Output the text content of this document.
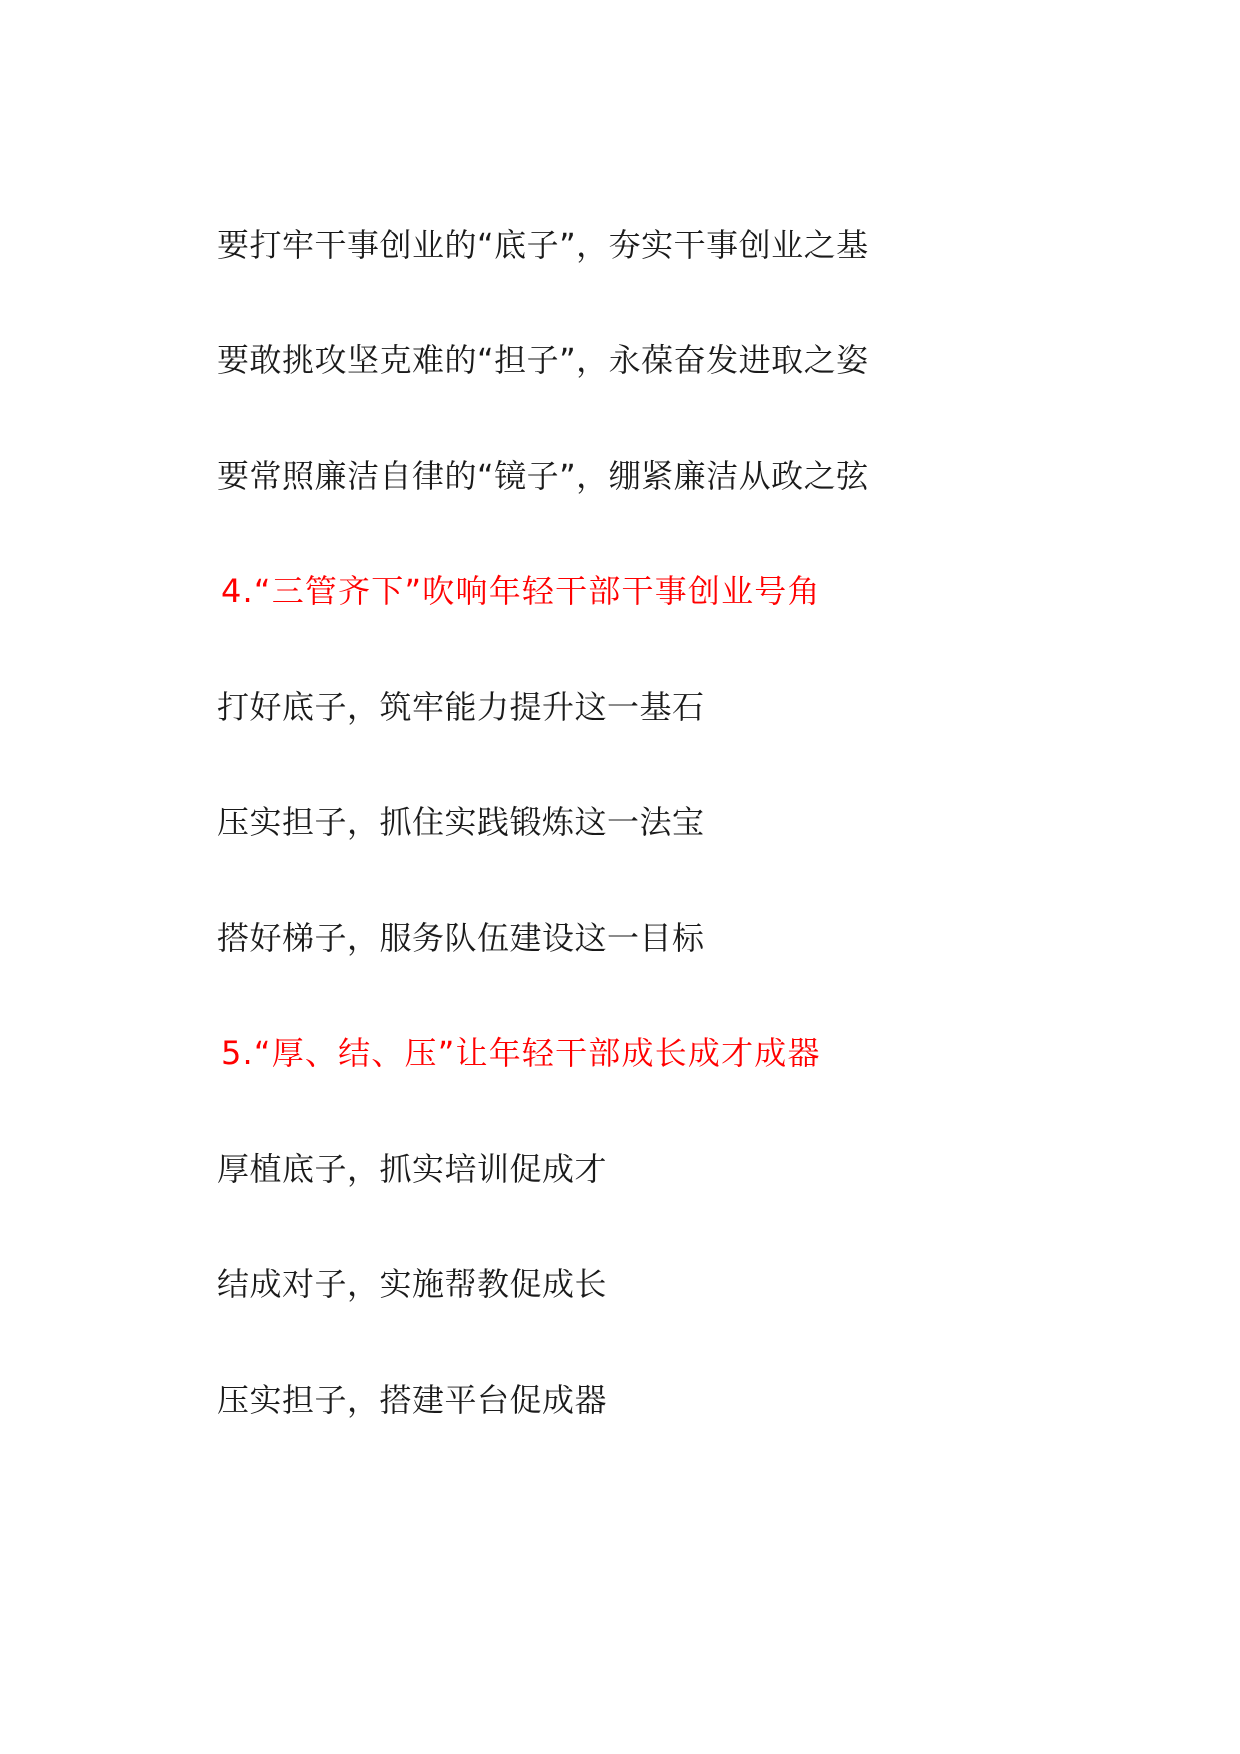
要打牢干事创业的“底子”，夯实干事创业之基
要敢挑攻坚克难的“担子”，永葆奋发进取之姿
要常照廉洁自律的“镜子”，绷紧廉洁从政之弦
4.“三管齐下”吹响年轻干部干事创业号角
打好底子，筑牢能力提升这一基石
压实担子，抓住实践锻炼这一法宝
搭好梯子，服务队伍建设这一目标
5.“厚、结、压”让年轻干部成长成才成器
厚植底子，抓实培训促成才
结成对子，实施帮教促成长
压实担子，搭建平台促成器
